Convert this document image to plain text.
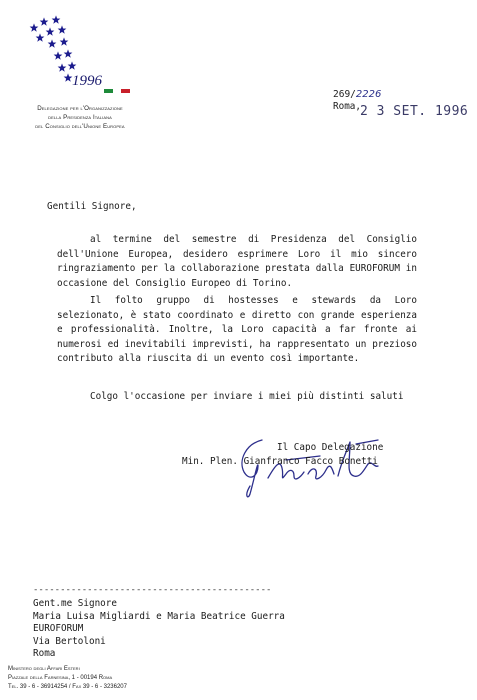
1996
Delegazione per l'Organizzazione
della Presidenza Italiana
del Consiglio dell'Unione Europea
269/2226
Roma, 2 3 SET. 1996
Gentili Signore,
al termine del semestre di Presidenza del Consiglio dell'Unione Europea, desidero esprimere Loro il mio sincero ringraziamento per la collaborazione prestata dalla EUROFORUM in occasione del Consiglio Europeo di Torino.
Il folto gruppo di hostesses e stewards da Loro selezionato, è stato coordinato e diretto con grande esperienza e professionalità. Inoltre, la Loro capacità a far fronte ai numerosi ed inevitabili imprevisti, ha rappresentato un prezioso contributo alla riuscita di un evento così importante.
Colgo l'occasione per inviare i miei più distinti saluti
Il Capo Delegazione
Min. Plen. Gianfranco Facco Bonetti
--------------------------------------------
Gent.me Signore
Maria Luisa Migliardi e Maria Beatrice Guerra
EUROFORUM
Via Bertoloni
Roma
Ministero degli Affari Esteri
Piazzale della Farnesina, 1 - 00194 Roma
Tel. 39 - 6 - 36914254 / Fax 39 - 6 - 3236207
